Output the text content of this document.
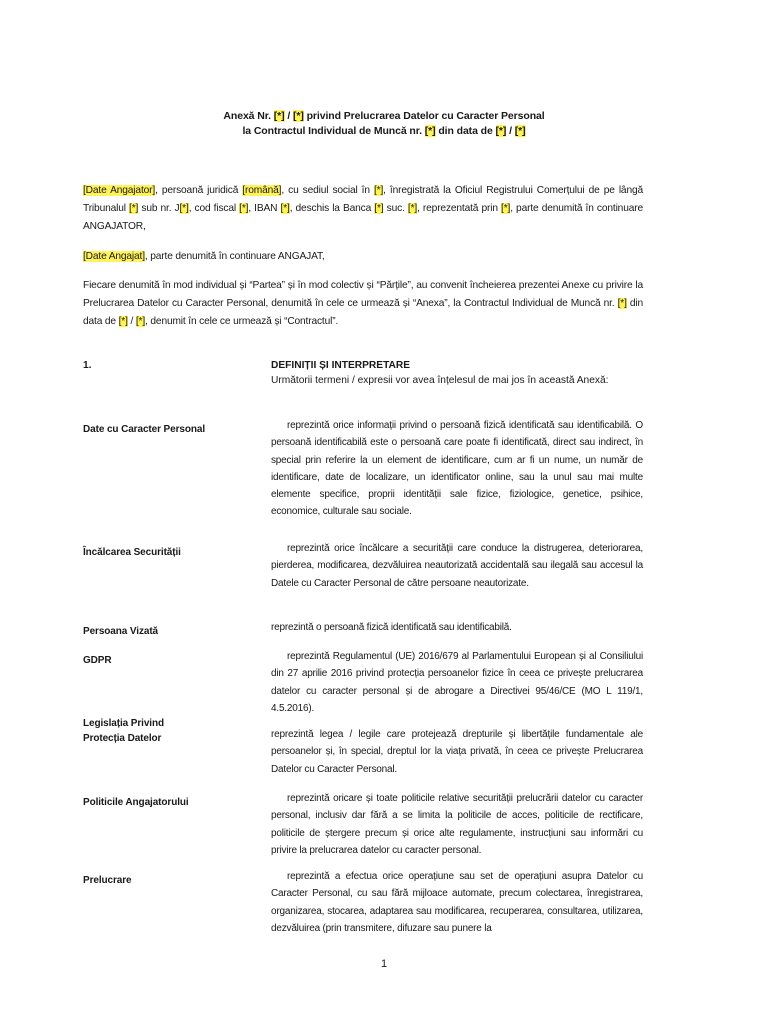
Anexă Nr. [*] / [*] privind Prelucrarea Datelor cu Caracter Personal
la Contractul Individual de Muncă nr. [*] din data de [*] / [*]
[Date Angajator], persoană juridică [română], cu sediul social în [*], înregistrată la Oficiul Registrului Comerțului de pe lângă Tribunalul [*] sub nr. J[*], cod fiscal [*], IBAN [*], deschis la Banca [*] suc. [*], reprezentată prin [*], parte denumită în continuare ANGAJATOR,
[Date Angajat], parte denumită în continuare ANGAJAT,
Fiecare denumită în mod individual și “Partea” și în mod colectiv și “Părțile”, au convenit încheierea prezentei Anexe cu privire la Prelucrarea Datelor cu Caracter Personal, denumită în cele ce urmează și “Anexa”, la Contractul Individual de Muncă nr. [*] din data de [*] / [*], denumit în cele ce urmează și “Contractul”.
1.	DEFINIȚII ȘI INTERPRETARE
Următorii termeni / expresii vor avea înțelesul de mai jos în această Anexă:
Date cu Caracter Personal	reprezintă orice informații privind o persoană fizică identificată sau identificabilă. O persoană identificabilă este o persoană care poate fi identificată, direct sau indirect, în special prin referire la un element de identificare, cum ar fi un nume, un număr de identificare, date de localizare, un identificator online, sau la unul sau mai multe elemente specifice, proprii identității sale fizice, fiziologice, genetice, psihice, economice, culturale sau sociale.
Încălcarea Securității	reprezintă orice încălcare a securității care conduce la distrugerea, deteriorarea, pierderea, modificarea, dezvăluirea neautorizată accidentală sau ilegală sau accesul la Datele cu Caracter Personal de către persoane neautorizate.
Persoana Vizată	reprezintă o persoană fizică identificată sau identificabilă.
GDPR	reprezintă Regulamentul (UE) 2016/679 al Parlamentului European și al Consiliului din 27 aprilie 2016 privind protecția persoanelor fizice în ceea ce privește prelucrarea datelor cu caracter personal și de abrogare a Directivei 95/46/CE (MO L 119/1, 4.5.2016).
Legislația Privind
Protecția Datelor	reprezintă legea / legile care protejează drepturile și libertățile fundamentale ale persoanelor și, în special, dreptul lor la viața privată, în ceea ce privește Prelucrarea Datelor cu Caracter Personal.
Politicile Angajatorului	reprezintă oricare și toate politicile relative securității prelucrării datelor cu caracter personal, inclusiv dar fără a se limita la politicile de acces, politicile de rectificare, politicile de ștergere precum și orice alte regulamente, instrucțiuni sau informări cu privire la prelucrarea datelor cu caracter personal.
Prelucrare	reprezintă a efectua orice operațiune sau set de operațiuni asupra Datelor cu Caracter Personal, cu sau fără mijloace automate, precum colectarea, înregistrarea, organizarea, stocarea, adaptarea sau modificarea, recuperarea, consultarea, utilizarea, dezvăluirea (prin transmitere, difuzare sau punere la
1
